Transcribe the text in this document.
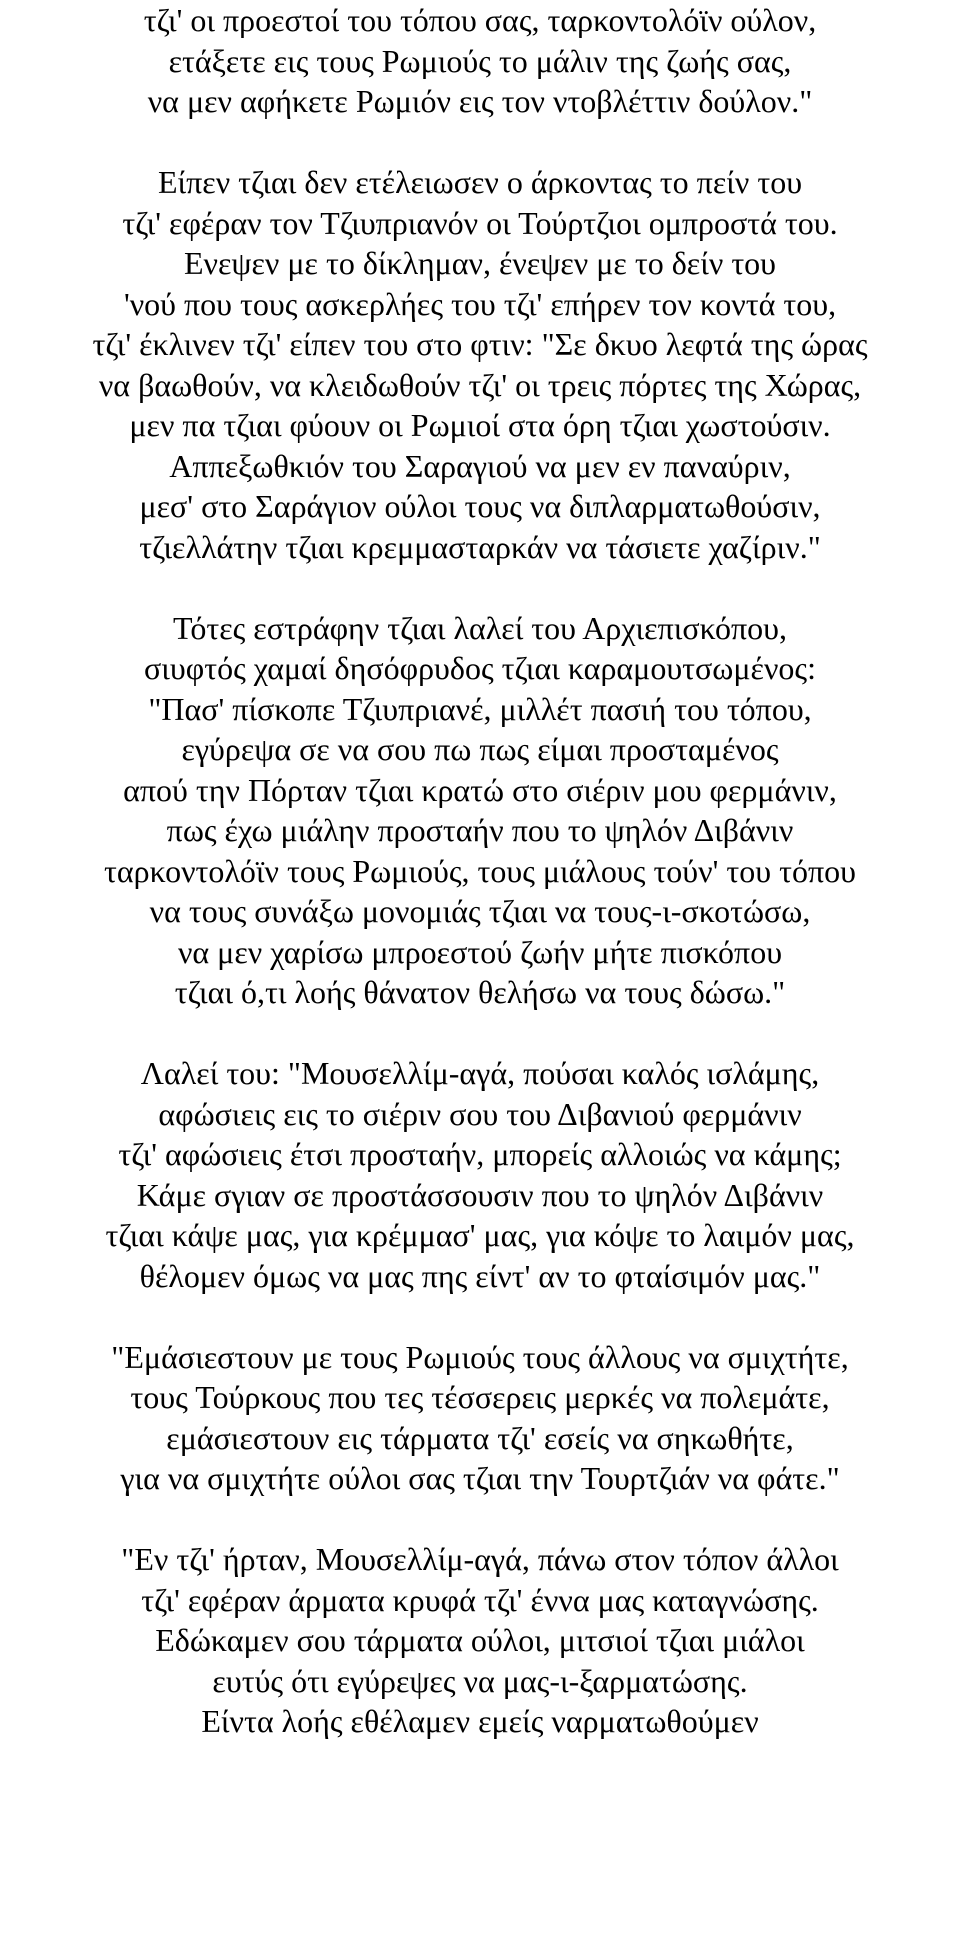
τζι' οι προεστοί του τόπου σας, ταρκοντολόϊν ούλον,
ετάξετε εις τους Ρωμιούς το μάλιν της ζωής σας,
να μεν αφήκετε Ρωμιόν εις τον ντοβλέττιν δούλον."
Είπεν τζιαι δεν ετέλειωσεν ο άρκοντας το πείν του
τζι' εφέραν τον Τζιυπριανόν οι Τούρτζιοι ομπροστά του.
Ενεψεν με το δίκλημαν, ένεψεν με το δείν του
'νού που τους ασκερλήες του τζι' επήρεν τον κοντά του,
τζι' έκλινεν τζι' είπεν του στο φτιν: "Σε δκυο λεφτά της ώρας
να βαωθούν, να κλειδωθούν τζι' οι τρεις πόρτες της Χώρας,
μεν πα τζιαι φύουν οι Ρωμιοί στα όρη τζιαι χωστούσιν.
Αππεξωθκιόν του Σαραγιού να μεν εν παναύριν,
μεσ' στο Σαράγιον ούλοι τους να διπλαρματωθούσιν,
τζιελλάτην τζιαι κρεμμασταρκάν να τάσιετε χαζίριν."
Τότες εστράφην τζιαι λαλεί του Αρχιεπισκόπου,
σιυφτός χαμαί δησόφρυδος τζιαι καραμουτσωμένος:
"Πασ' πίσκοπε Τζιυπριανέ, μιλλέτ πασιή του τόπου,
εγύρεψα σε να σου πω πως είμαι προσταμένος
απού την Πόρταν τζιαι κρατώ στο σιέριν μου φερμάνιν,
πως έχω μιάλην προσταήν που το ψηλόν Διβάνιν
ταρκοντολόϊν τους Ρωμιούς, τους μιάλους τούν' του τόπου
να τους συνάξω μονομιάς τζιαι να τους-ι-σκοτώσω,
να μεν χαρίσω μπροεστού ζωήν μήτε πισκόπου
τζιαι ό,τι λοής θάνατον θελήσω να τους δώσω."
Λαλεί του: "Μουσελλίμ-αγά, πούσαι καλός ισλάμης,
αφώσιεις εις το σιέριν σου του Διβανιού φερμάνιν
τζι' αφώσιεις έτσι προσταήν, μπορείς αλλοιώς να κάμης;
Κάμε σγιαν σε προστάσσουσιν που το ψηλόν Διβάνιν
τζιαι κάψε μας, για κρέμμασ' μας, για κόψε το λαιμόν μας,
θέλομεν όμως να μας πης είντ' αν το φταίσιμόν μας."
"Εμάσιεστουν με τους Ρωμιούς τους άλλους να σμιχτήτε,
τους Τούρκους που τες τέσσερεις μερκές να πολεμάτε,
εμάσιεστουν εις τάρματα τζι' εσείς να σηκωθήτε,
για να σμιχτήτε ούλοι σας τζιαι την Τουρτζιάν να φάτε."
"Εν τζι' ήρταν, Μουσελλίμ-αγά, πάνω στον τόπον άλλοι
τζι' εφέραν άρματα κρυφά τζι' έννα μας καταγνώσης.
Εδώκαμεν σου τάρματα ούλοι, μιτσιοί τζιαι μιάλοι
ευτύς ότι εγύρεψες να μας-ι-ξαρματώσης.
Είντα λοής εθέλαμεν εμείς ναρματωθούμεν
